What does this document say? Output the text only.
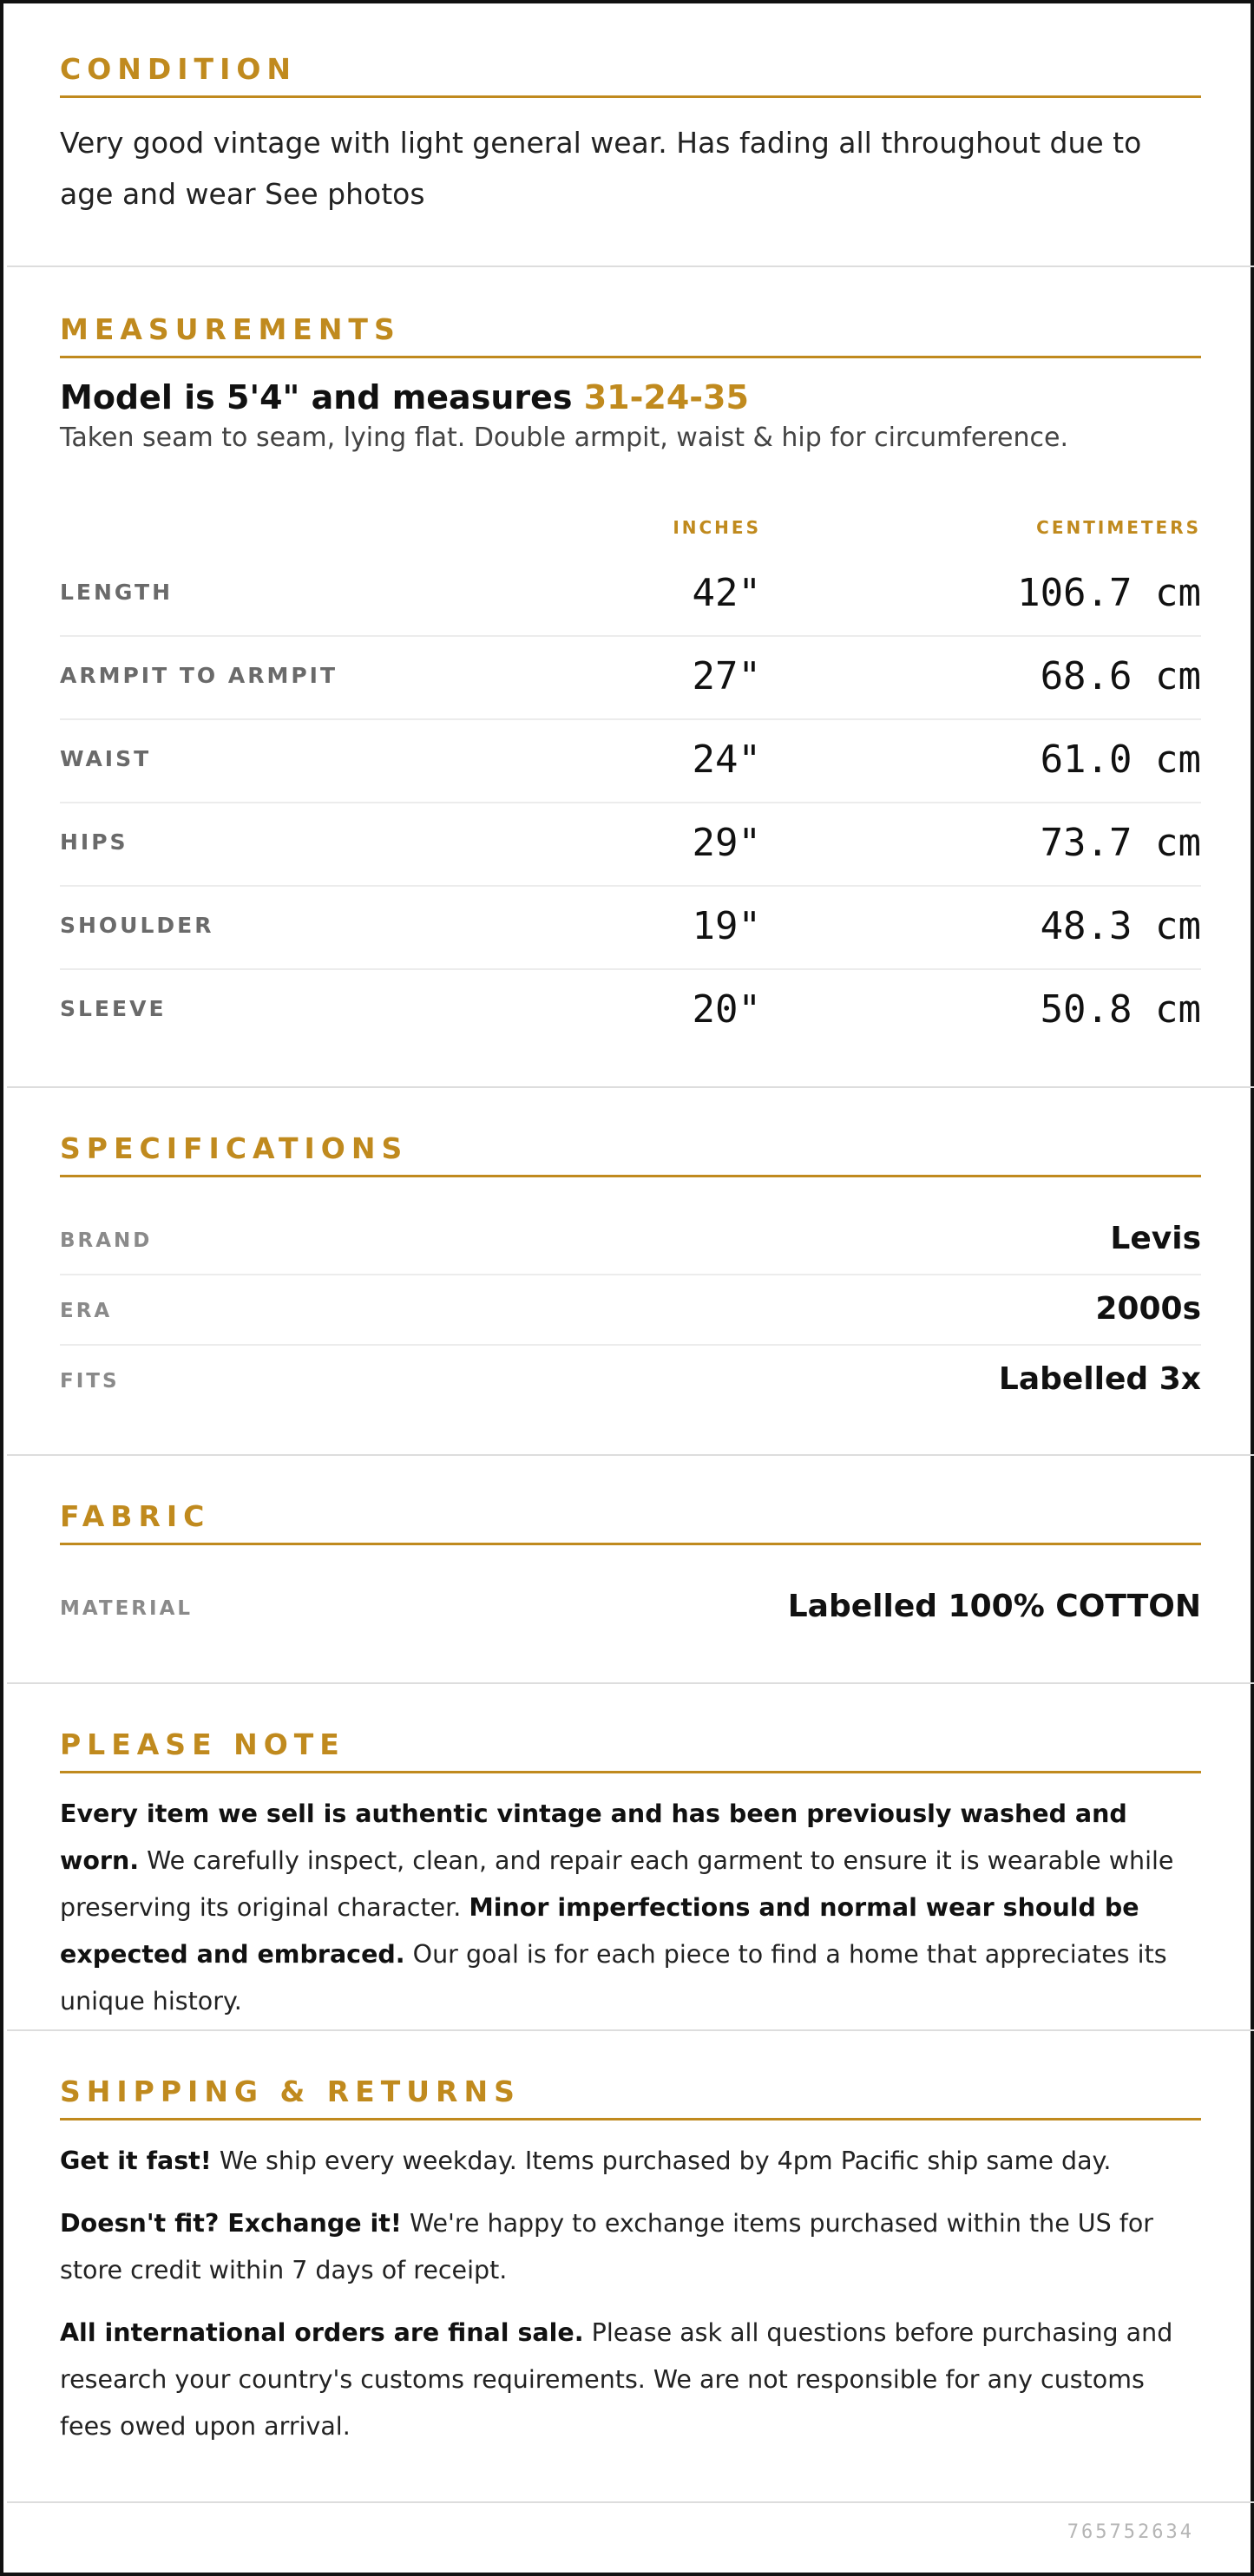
CONDITION
Very good vintage with light general wear. Has fading all throughout due to age and wear See photos
MEASUREMENTS
Model is 5'4" and measures 31-24-35
Taken seam to seam, lying flat. Double armpit, waist & hip for circumference.
INCHES	CENTIMETERS
LENGTH	42"	106.7 cm
ARMPIT TO ARMPIT	27"	68.6 cm
WAIST	24"	61.0 cm
HIPS	29"	73.7 cm
SHOULDER	19"	48.3 cm
SLEEVE	20"	50.8 cm
SPECIFICATIONS
BRAND	Levis
ERA	2000s
FITS	Labelled 3x
FABRIC
MATERIAL	Labelled 100% COTTON
PLEASE NOTE
Every item we sell is authentic vintage and has been previously washed and worn. We carefully inspect, clean, and repair each garment to ensure it is wearable while preserving its original character. Minor imperfections and normal wear should be expected and embraced. Our goal is for each piece to find a home that appreciates its unique history.
SHIPPING & RETURNS
Get it fast! We ship every weekday. Items purchased by 4pm Pacific ship same day.
Doesn't fit? Exchange it! We're happy to exchange items purchased within the US for store credit within 7 days of receipt.
All international orders are final sale. Please ask all questions before purchasing and research your country's customs requirements. We are not responsible for any customs fees owed upon arrival.
765752634
